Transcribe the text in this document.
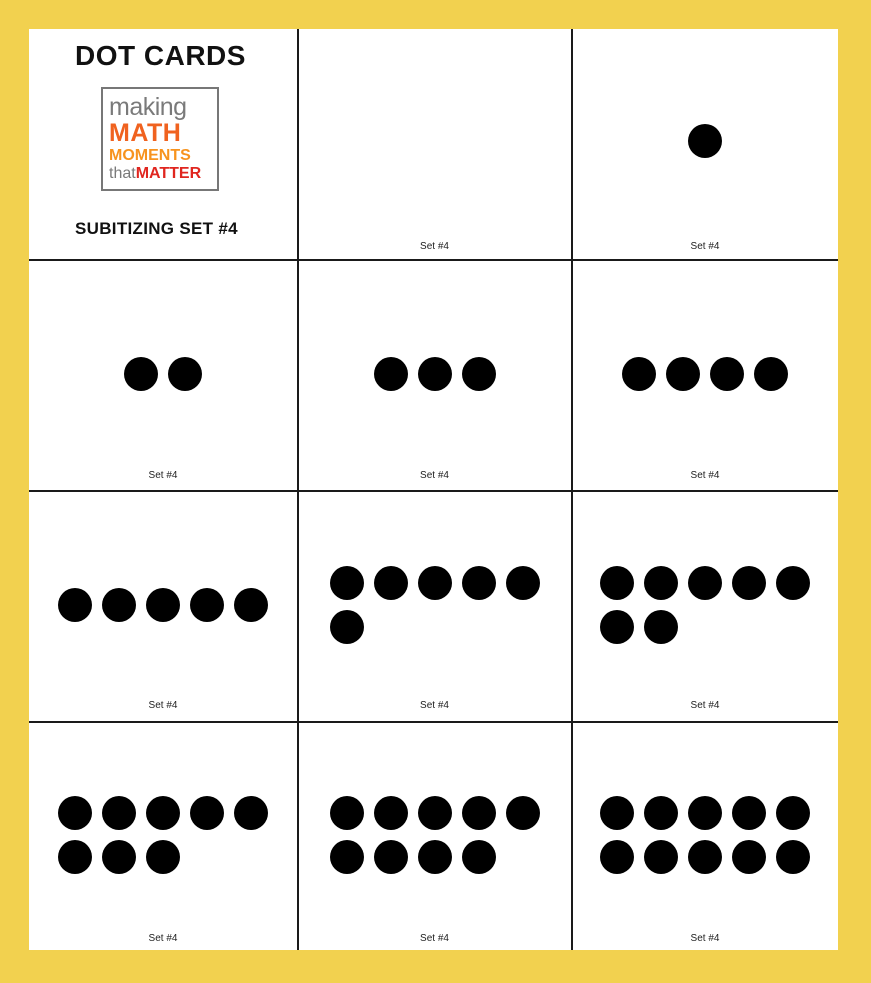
DOT CARDS
making
MATH
MOMENTS
thatMATTER
SUBITIZING SET #4
Set #4	Set #4
Set #4	Set #4	Set #4
Set #4	Set #4	Set #4
Set #4	Set #4	Set #4
